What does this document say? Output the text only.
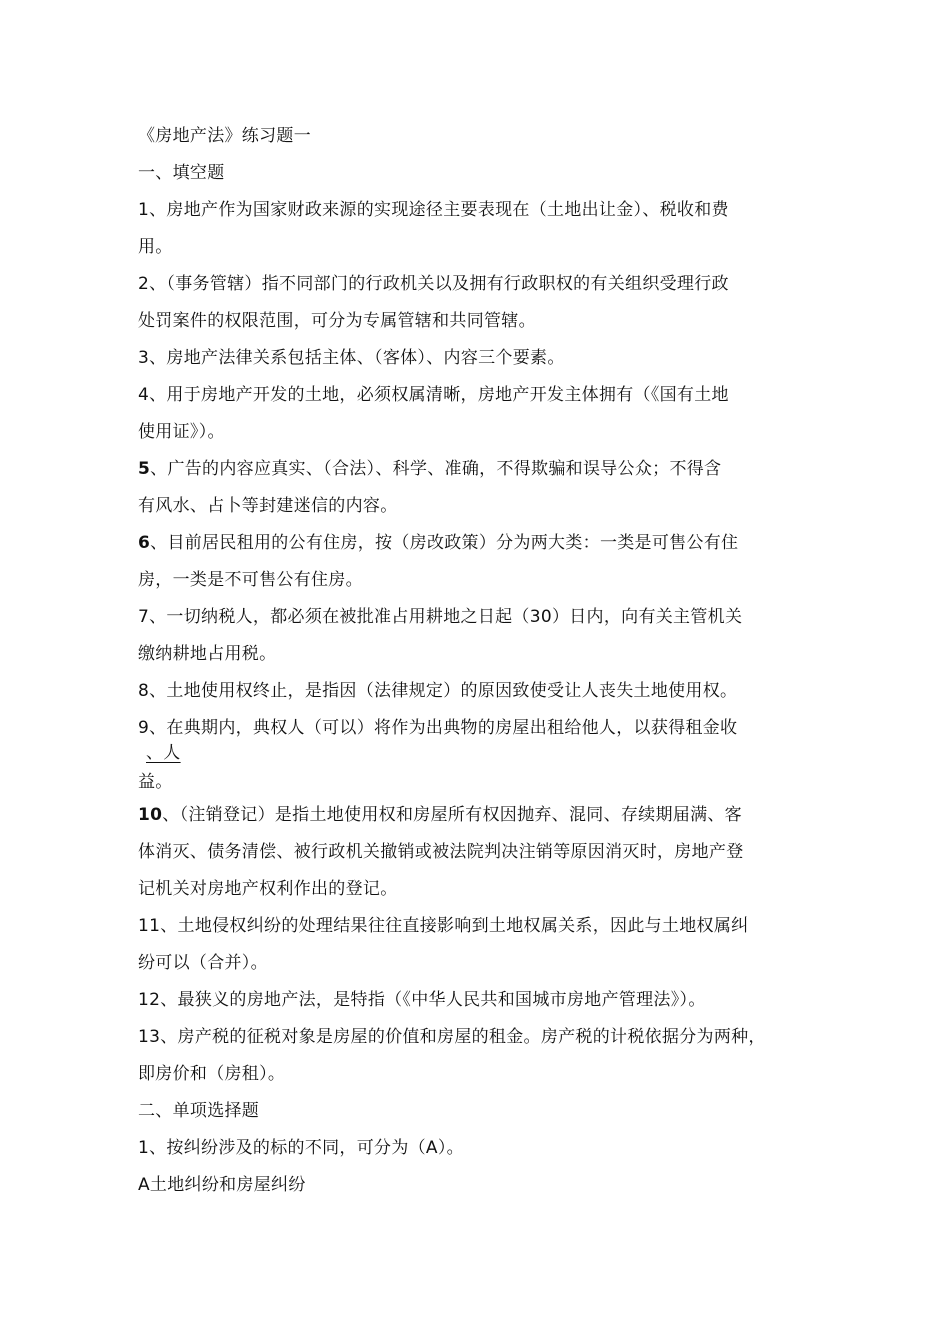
《房地产法》练习题一
一、填空题
1、房地产作为国家财政来源的实现途径主要表现在（土地出让金）、税收和费
用。
2、（事务管辖）指不同部门的行政机关以及拥有行政职权的有关组织受理行政
处罚案件的权限范围，可分为专属管辖和共同管辖。
3、房地产法律关系包括主体、（客体）、内容三个要素。
4、用于房地产开发的土地，必须权属清晰，房地产开发主体拥有（《国有土地
使用证》）。
5、广告的内容应真实、（合法）、科学、准确，不得欺骗和误导公众；不得含
有风水、占卜等封建迷信的内容。
6、目前居民租用的公有住房，按（房改政策）分为两大类：一类是可售公有住
房，一类是不可售公有住房。
7、一切纳税人，都必须在被批准占用耕地之日起（30）日内，向有关主管机关
缴纳耕地占用税。
8、土地使用权终止，是指因（法律规定）的原因致使受让人丧失土地使用权。
9、在典期内，典权人（可以）将作为出典物的房屋出租给他人，以获得租金收
、人
益。
10、（注销登记）是指土地使用权和房屋所有权因抛弃、混同、存续期届满、客
体消灭、债务清偿、被行政机关撤销或被法院判决注销等原因消灭时，房地产登
记机关对房地产权利作出的登记。
11、土地侵权纠纷的处理结果往往直接影响到土地权属关系，因此与土地权属纠
纷可以（合并）。
12、最狭义的房地产法，是特指（《中华人民共和国城市房地产管理法》）。
13、房产税的征税对象是房屋的价值和房屋的租金。房产税的计税依据分为两种，
即房价和（房租）。
二、单项选择题
1、按纠纷涉及的标的不同，可分为（A）。
A土地纠纷和房屋纠纷
